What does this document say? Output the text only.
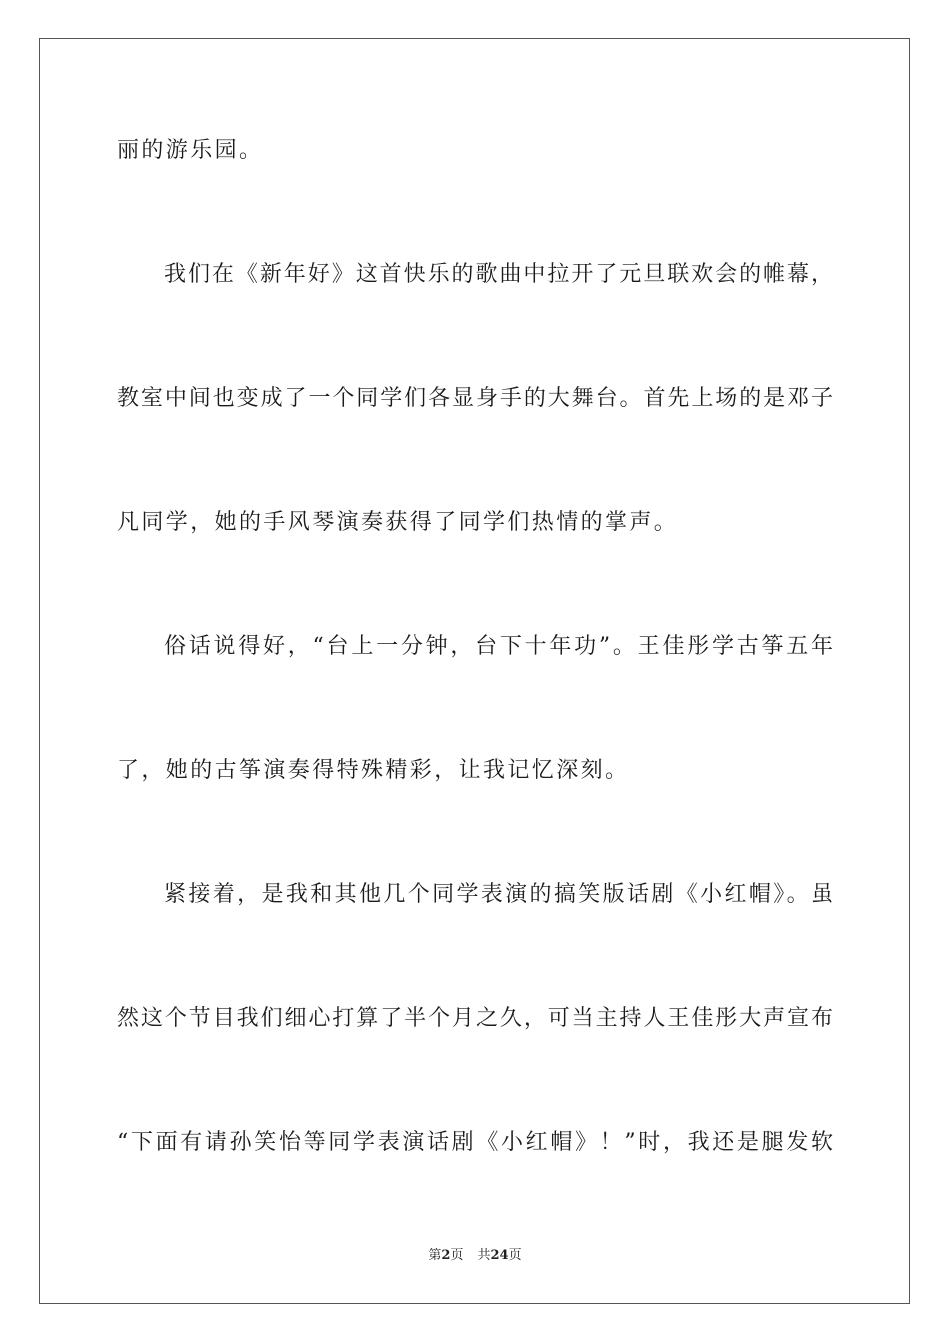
丽的游乐园。
我们在《新年好》这首快乐的歌曲中拉开了元旦联欢会的帷幕，
教室中间也变成了一个同学们各显身手的大舞台。首先上场的是邓子
凡同学，她的手风琴演奏获得了同学们热情的掌声。
俗话说得好，“台上一分钟，台下十年功”。王佳彤学古筝五年
了，她的古筝演奏得特殊精彩，让我记忆深刻。
紧接着，是我和其他几个同学表演的搞笑版话剧《小红帽》。虽
然这个节目我们细心打算了半个月之久，可当主持人王佳彤大声宣布
“下面有请孙笑怡等同学表演话剧《小红帽》！”时，我还是腿发软
第2页 共24页
